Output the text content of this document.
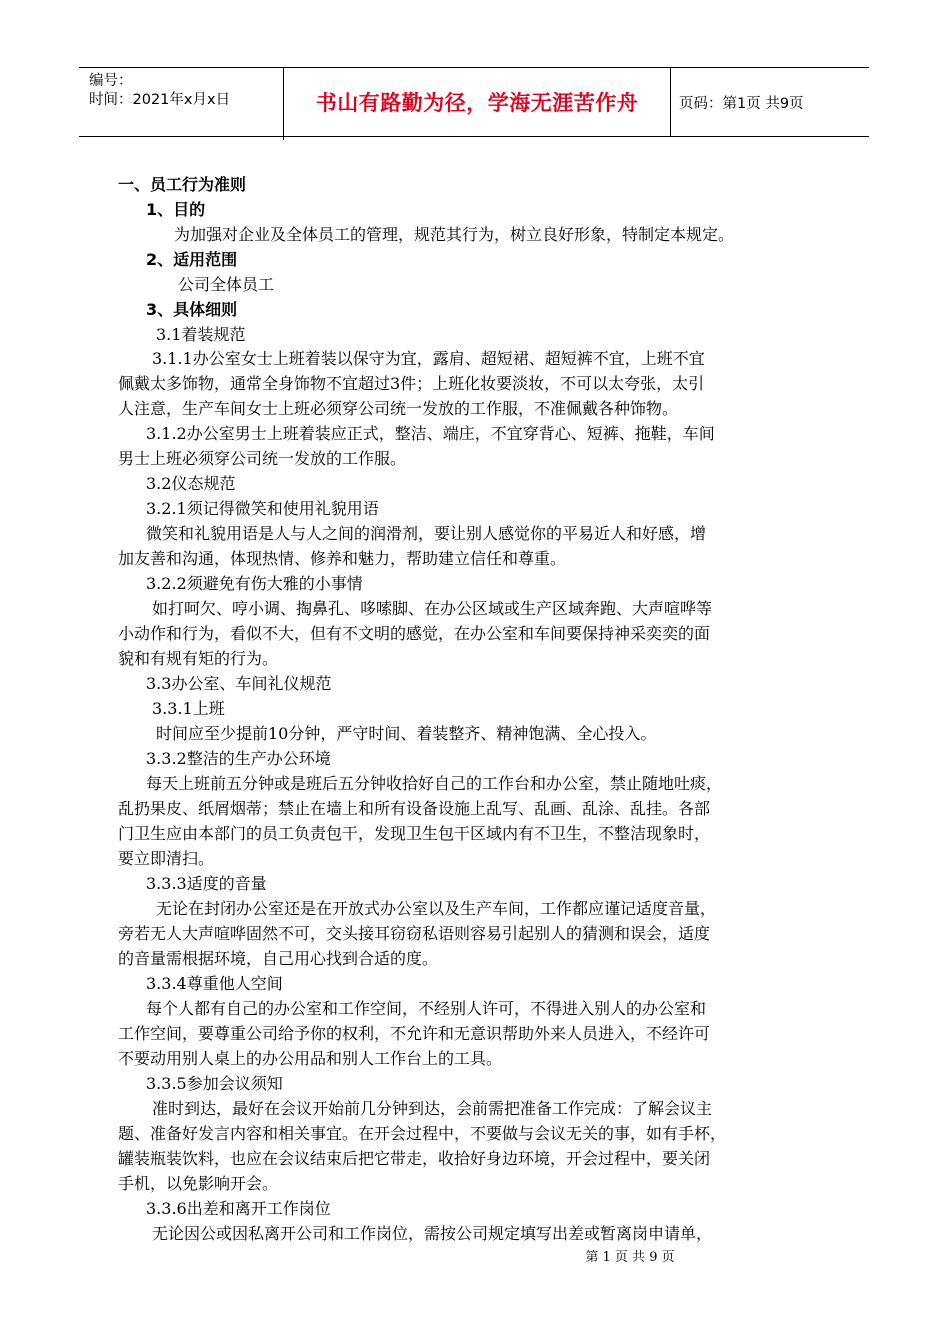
编号：
时间：2021年x月x日	书山有路勤为径，学海无涯苦作舟	页码：第1页 共9页
一、员工行为准则
1、目的
为加强对企业及全体员工的管理，规范其行为，树立良好形象，特制定本规定。
2、适用范围
公司全体员工
3、具体细则
3.1着装规范
3.1.1办公室女士上班着装以保守为宜，露肩、超短裙、超短裤不宜，上班不宜
佩戴太多饰物，通常全身饰物不宜超过3件；上班化妆要淡妆，不可以太夸张，太引
人注意，生产车间女士上班必须穿公司统一发放的工作服，不准佩戴各种饰物。
3.1.2办公室男士上班着装应正式，整洁、端庄，不宜穿背心、短裤、拖鞋，车间
男士上班必须穿公司统一发放的工作服。
3.2仪态规范
3.2.1须记得微笑和使用礼貌用语
微笑和礼貌用语是人与人之间的润滑剂，要让别人感觉你的平易近人和好感，增
加友善和沟通，体现热情、修养和魅力，帮助建立信任和尊重。
3.2.2须避免有伤大雅的小事情
如打呵欠、哼小调、掏鼻孔、哆嗦脚、在办公区域或生产区域奔跑、大声喧哗等
小动作和行为，看似不大，但有不文明的感觉，在办公室和车间要保持神采奕奕的面
貌和有规有矩的行为。
3.3办公室、车间礼仪规范
3.3.1上班
时间应至少提前10分钟，严守时间、着装整齐、精神饱满、全心投入。
3.3.2整洁的生产办公环境
每天上班前五分钟或是班后五分钟收拾好自己的工作台和办公室，禁止随地吐痰，
乱扔果皮、纸屑烟蒂；禁止在墙上和所有设备设施上乱写、乱画、乱涂、乱挂。各部
门卫生应由本部门的员工负责包干，发现卫生包干区域内有不卫生，不整洁现象时，
要立即清扫。
3.3.3适度的音量
无论在封闭办公室还是在开放式办公室以及生产车间，工作都应谨记适度音量，
旁若无人大声喧哗固然不可，交头接耳窃窃私语则容易引起别人的猜测和误会，适度
的音量需根据环境，自己用心找到合适的度。
3.3.4尊重他人空间
每个人都有自己的办公室和工作空间，不经别人许可，不得进入别人的办公室和
工作空间，要尊重公司给予你的权利，不允许和无意识帮助外来人员进入，不经许可
不要动用别人桌上的办公用品和别人工作台上的工具。
3.3.5参加会议须知
准时到达，最好在会议开始前几分钟到达，会前需把准备工作完成：了解会议主
题、准备好发言内容和相关事宜。在开会过程中，不要做与会议无关的事，如有手杯，
罐装瓶装饮料，也应在会议结束后把它带走，收拾好身边环境，开会过程中，要关闭
手机，以免影响开会。
3.3.6出差和离开工作岗位
无论因公或因私离开公司和工作岗位，需按公司规定填写出差或暂离岗申请单，
第 1 页 共 9 页
